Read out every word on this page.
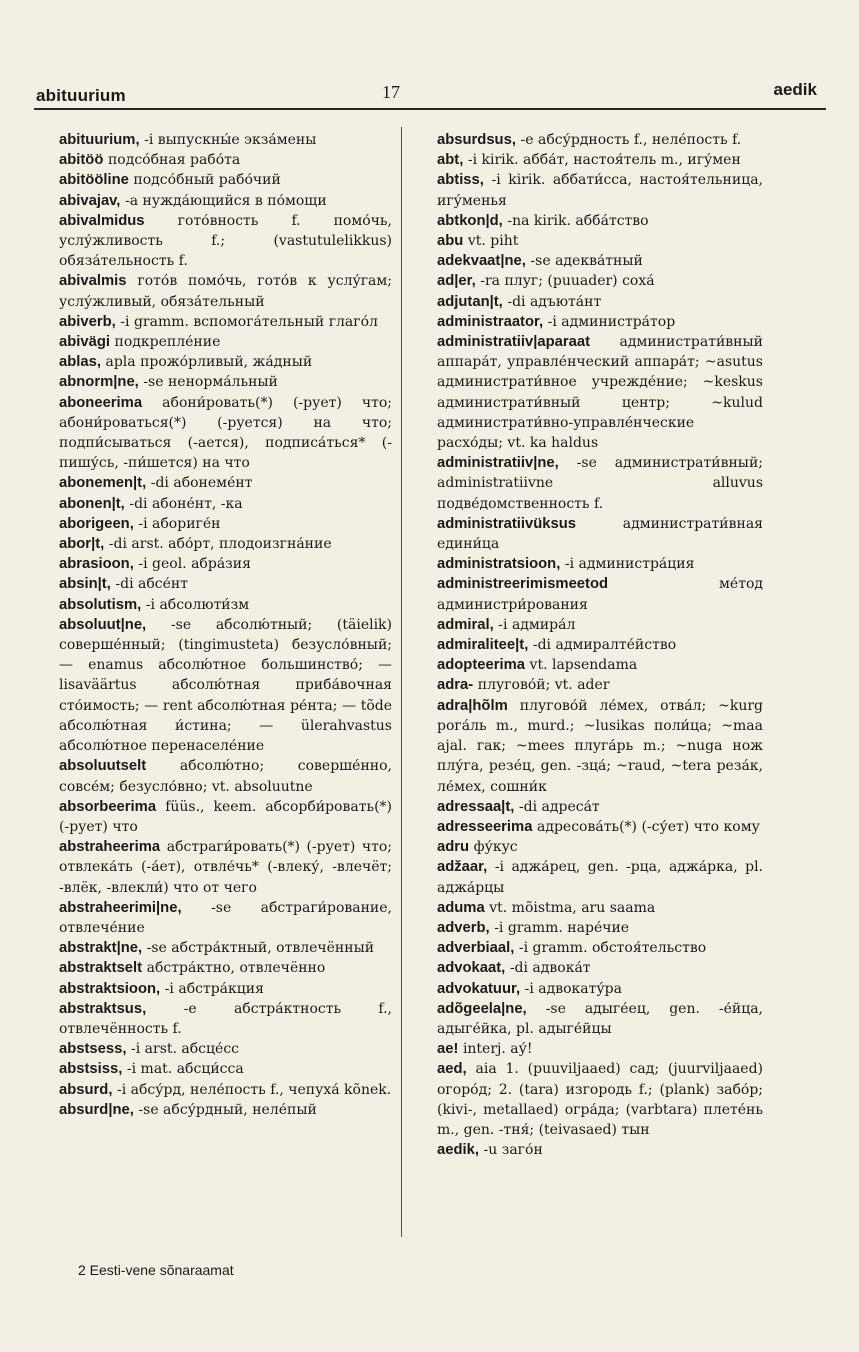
abituurium	17	aedik

abituurium, -i выпускны́е экза́мены

abitöö подсо́бная рабо́та

abitööline подсо́бный рабо́чий

abivajav, -a нужда́ющийся в по́мощи

abivalmidus гото́вность f. помо́чь, услу́жливость f.; (vastutulelikkus) обяза́тельность f.

abivalmis гото́в помо́чь, гото́в к услу́гам; услу́жливый, обяза́тельный

abiverb, -i gramm. вспомога́тельный глаго́л

abivägi подкрепле́ние

ablas, apla прожо́рливый, жа́дный

abnorm|ne, -se ненорма́льный

aboneerima абони́ровать(*) (-рует) что; абони́роваться(*) (-руется) на что; подпи́сываться (-ается), подписа́ться* (-пишу́сь, -пи́шется) на что

abonemen|t, -di абонеме́нт

abonen|t, -di абоне́нт, -ка

aborigeen, -i абориге́н

abor|t, -di arst. або́рт, плодоизгна́ние

abrasioon, -i geol. абра́зия

absin|t, -di абсе́нт

absolutism, -i абсолюти́зм

absoluut|ne, -se абсолю́тный; (täielik) соверше́нный; (tingimusteta) безусло́вный; — enamus абсолю́тное большинство́; — lisaväärtus абсолю́тная приба́вочная сто́имость; — rent абсолю́тная ре́нта; — tõde абсолю́тная и́стина; — ülerahvastus абсолю́тное перенаселе́ние

absoluutselt абсолю́тно; соверше́нно, совсе́м; безусло́вно; vt. absoluutne

absorbeerima füüs., keem. абсорби́ровать(*) (-рует) что

abstraheerima абстраги́ровать(*) (-рует) что; отвлека́ть (-а́ет), отвле́чь* (-влеку́, -влечёт; -влёк, -влекли́) что от чего

abstraheerimi|ne, -se абстраги́рование, отвлече́ние

abstrakt|ne, -se абстра́ктный, отвлечённый

abstraktselt абстра́ктно, отвлечённо

abstraktsioon, -i абстра́кция

abstraktsus,	-e абстра́ктность f., отвлечённость f.

abstsess, -i arst. абсце́сс

abstsiss, -i mat. абсци́сса

absurd, -i абсу́рд, неле́пость f., чепуха́ kõnek.

absurd|ne, -se абсу́рдный, неле́пый

absurdsus, -e абсу́рдность f., неле́пость f.

abt, -i kirik. абба́т, настоя́тель m., игу́мен

abtiss, -i kirik. аббати́сса, настоя́тельница, игу́менья

abtkon|d, -na kirik. абба́тство

abu vt. piht

adekvaat|ne, -se адеква́тный

ad|er, -ra плуг; (puuader) соха́

adjutan|t, -di адъюта́нт

administraator, -i администра́тор

administratiiv|aparaat администрати́вный аппара́т, управле́нческий аппара́т; ~asutus администрати́вное учрежде́ние; ~keskus администрати́вный центр; ~kulud администрати́вно-управле́нческие расхо́ды; vt. ka haldus

administratiiv|ne, -se администрати́вный; administratiivne alluvus подве́домственность f.

administratiivüksus	администрати́вная едини́ца

administratsioon, -i администра́ция

administreerimismeetod	ме́тод администри́рования

admiral, -i адмира́л

admiralitee|t, -di адмиралте́йство

adopteerima vt. lapsendama

adra- плугово́й; vt. ader

adra|hõlm плугово́й ле́мех, отва́л; ~kurg рога́ль m., murd.; ~lusikas поли́ца; ~maa ajal. гак; ~mees плуга́рь m.; ~nuga нож плу́га, резе́ц, gen. -зца́; ~raud, ~tera реза́к, ле́мех, сошни́к

adressaa|t, -di адреса́т

adresseerima адресова́ть(*) (-су́ет) что кому

adru фу́кус

adžaar, -i аджа́рец, gen. -рца, аджа́рка, pl. аджа́рцы

aduma vt. mõistma, aru saama

adverb, -i gramm. наре́чие

adverbiaal, -i gramm. обстоя́тельство

advokaat, -di адвока́т

advokatuur, -i адвокату́ра

adõgeela|ne, -se адыге́ец, gen. -е́йца, адыге́йка, pl. адыге́йцы

ae! interj. ау́!

aed, aia 1. (puuviljaaed) сад; (juurviljaaed) огоро́д; 2. (tara) изгородь f.; (plank) забо́р; (kivi-, metallaed) огра́да; (varbtara) плете́нь m., gen. -тня́; (teivasaed) тын

aedik, -u заго́н

2 Eesti-vene sõnaraamat
